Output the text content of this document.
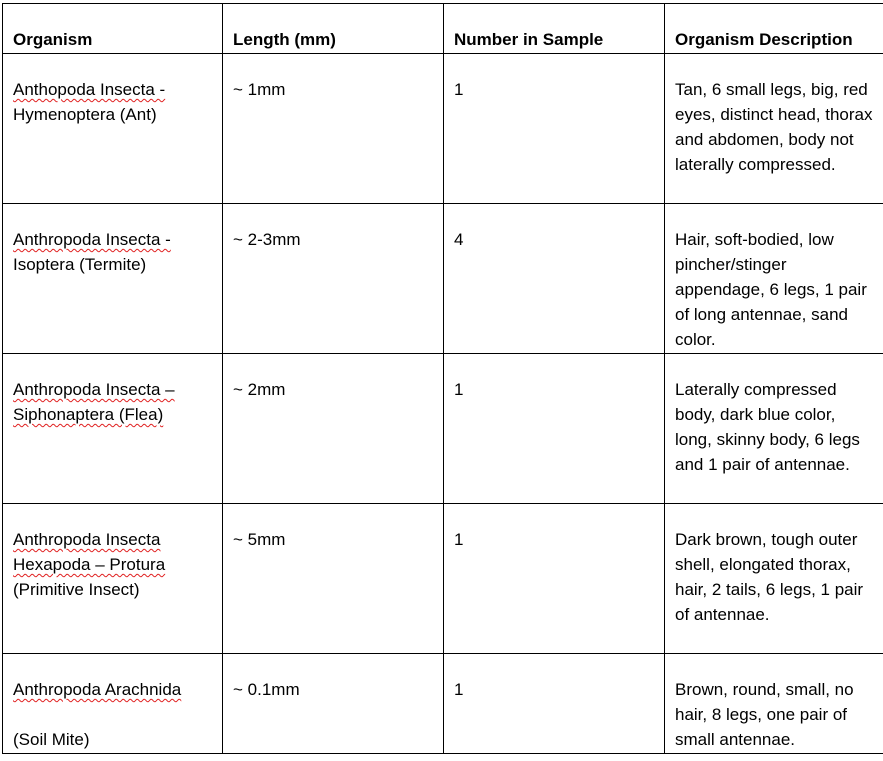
Organism	Length (mm)	Number in Sample	Organism Description

Anthopoda Insecta -
Hymenoptera (Ant)	~ 1mm	1	Tan, 6 small legs, big, red eyes, distinct head, thorax and abdomen, body not laterally compressed.

Anthropoda Insecta -
Isoptera (Termite)	~ 2-3mm	4	Hair, soft-bodied, low pincher/stinger appendage, 6 legs, 1 pair of long antennae, sand color.

Anthropoda Insecta –
Siphonaptera (Flea)	~ 2mm	1	Laterally compressed body, dark blue color, long, skinny body, 6 legs and 1 pair of antennae.

Anthropoda Insecta
Hexapoda – Protura
(Primitive Insect)	~ 5mm	1	Dark brown, tough outer shell, elongated thorax, hair, 2 tails, 6 legs, 1 pair of antennae.

Anthropoda Arachnida
(Soil Mite)	~ 0.1mm	1	Brown, round, small, no hair, 8 legs, one pair of small antennae.
